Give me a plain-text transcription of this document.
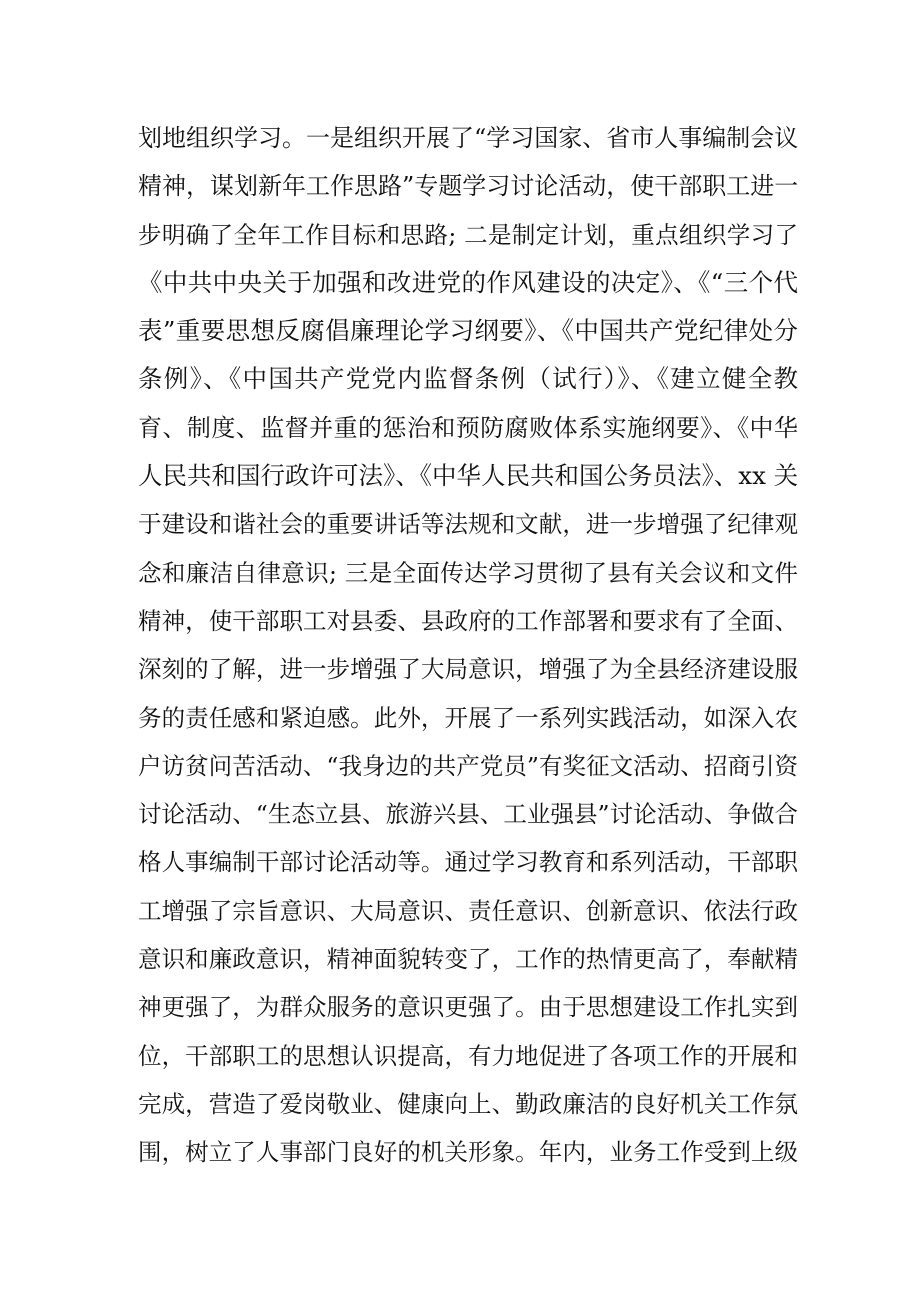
划地组织学习。一是组织开展了“学习国家、省市人事编制会议
精神，谋划新年工作思路”专题学习讨论活动，使干部职工进一
步明确了全年工作目标和思路; 二是制定计划，重点组织学习了
《中共中央关于加强和改进党的作风建设的决定》、《“三个代
表”重要思想反腐倡廉理论学习纲要》、《中国共产党纪律处分
条例》、《中国共产党党内监督条例（试行）》、《建立健全教
育、制度、监督并重的惩治和预防腐败体系实施纲要》、《中华
人民共和国行政许可法》、《中华人民共和国公务员法》、xx 关
于建设和谐社会的重要讲话等法规和文献，进一步增强了纪律观
念和廉洁自律意识; 三是全面传达学习贯彻了县有关会议和文件
精神，使干部职工对县委、县政府的工作部署和要求有了全面、
深刻的了解，进一步增强了大局意识，增强了为全县经济建设服
务的责任感和紧迫感。此外，开展了一系列实践活动，如深入农
户访贫问苦活动、“我身边的共产党员”有奖征文活动、招商引资
讨论活动、“生态立县、旅游兴县、工业强县”讨论活动、争做合
格人事编制干部讨论活动等。通过学习教育和系列活动，干部职
工增强了宗旨意识、大局意识、责任意识、创新意识、依法行政
意识和廉政意识，精神面貌转变了，工作的热情更高了，奉献精
神更强了，为群众服务的意识更强了。由于思想建设工作扎实到
位，干部职工的思想认识提高，有力地促进了各项工作的开展和
完成，营造了爱岗敬业、健康向上、勤政廉洁的良好机关工作氛
围，树立了人事部门良好的机关形象。年内，业务工作受到上级
